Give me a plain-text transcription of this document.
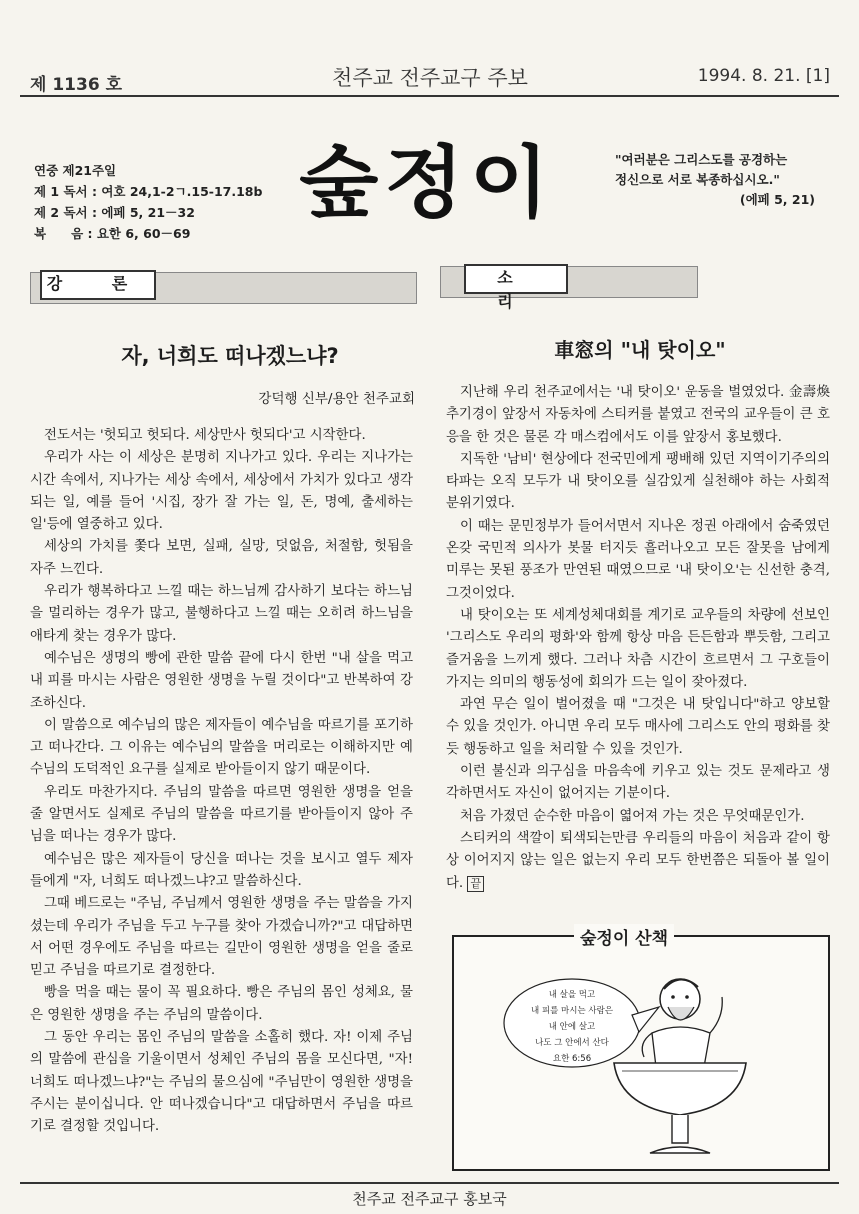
제 1136 호	천주교 전주교구 주보	1994. 8. 21. [1]
숲정이
연중 제21주일
제 1 독서 : 여호 24,1-2ㄱ.15-17.18b
제 2 독서 : 에페 5, 21－32
복　　음 : 요한 6, 60－69
"여러분은 그리스도를 공경하는
정신으로 서로 복종하십시오."
(에페 5, 21)
강 론	소 리
자, 너희도 떠나겠느냐?
강덕행 신부/용안 천주교회

전도서는 '헛되고 헛되다. 세상만사 헛되다'고 시작한다.

우리가 사는 이 세상은 분명히 지나가고 있다. 우리는 지나가는 시간 속에서, 지나가는 세상 속에서, 세상에서 가치가 있다고 생각되는 일, 예를 들어 '시집, 장가 잘 가는 일, 돈, 명예, 출세하는 일'등에 열중하고 있다.

세상의 가치를 쫓다 보면, 실패, 실망, 덧없음, 처절함, 헛됨을 자주 느낀다.

우리가 행복하다고 느낄 때는 하느님께 감사하기 보다는 하느님을 멀리하는 경우가 많고, 불행하다고 느낄 때는 오히려 하느님을 애타게 찾는 경우가 많다.

예수님은 생명의 빵에 관한 말씀 끝에 다시 한번 "내 살을 먹고 내 피를 마시는 사람은 영원한 생명을 누릴 것이다"고 반복하여 강조하신다.

이 말씀으로 예수님의 많은 제자들이 예수님을 따르기를 포기하고 떠나간다. 그 이유는 예수님의 말씀을 머리로는 이해하지만 예수님의 도덕적인 요구를 실제로 받아들이지 않기 때문이다.

우리도 마찬가지다. 주님의 말씀을 따르면 영원한 생명을 얻을 줄 알면서도 실제로 주님의 말씀을 따르기를 받아들이지 않아 주님을 떠나는 경우가 많다.

예수님은 많은 제자들이 당신을 떠나는 것을 보시고 열두 제자들에게 "자, 너희도 떠나겠느냐?고 말씀하신다.

그때 베드로는 "주님, 주님께서 영원한 생명을 주는 말씀을 가지셨는데 우리가 주님을 두고 누구를 찾아 가겠습니까?"고 대답하면서 어떤 경우에도 주님을 따르는 길만이 영원한 생명을 얻을 줄로 믿고 주님을 따르기로 결정한다.

빵을 먹을 때는 물이 꼭 필요하다. 빵은 주님의 몸인 성체요, 물은 영원한 생명을 주는 주님의 말씀이다.

그 동안 우리는 몸인 주님의 말씀을 소홀히 했다. 자! 이제 주님의 말씀에 관심을 기울이면서 성체인 주님의 몸을 모신다면, "자! 너희도 떠나겠느냐?"는 주님의 물으심에 "주님만이 영원한 생명을 주시는 분이십니다. 안 떠나겠습니다"고 대답하면서 주님을 따르기로 결정할 것입니다.

車窓의 "내 탓이오"

지난해 우리 천주교에서는 '내 탓이오' 운동을 벌였었다. 金壽煥 추기경이 앞장서 자동차에 스티커를 붙였고 전국의 교우들이 큰 호응을 한 것은 물론 각 매스컴에서도 이를 앞장서 홍보했다.

지독한 '남비' 현상에다 전국민에게 팽배해 있던 지역이기주의의 타파는 오직 모두가 내 탓이오를 실감있게 실천해야 하는 사회적 분위기였다.

이 때는 문민정부가 들어서면서 지나온 정권 아래에서 숨죽였던 온갖 국민적 의사가 봇물 터지듯 흘러나오고 모든 잘못을 남에게 미루는 못된 풍조가 만연된 때였으므로 '내 탓이오'는 신선한 충격, 그것이었다.

내 탓이오는 또 세계성체대회를 계기로 교우들의 차량에 선보인 '그리스도 우리의 평화'와 함께 항상 마음 든든함과 뿌듯함, 그리고 즐거움을 느끼게 했다. 그러나 차츰 시간이 흐르면서 그 구호들이 가지는 의미의 행동성에 회의가 드는 일이 잦아졌다.

과연 무슨 일이 벌어졌을 때 "그것은 내 탓입니다"하고 양보할 수 있을 것인가. 아니면 우리 모두 매사에 그리스도 안의 평화를 찾듯 행동하고 일을 처리할 수 있을 것인가.

이런 불신과 의구심을 마음속에 키우고 있는 것도 문제라고 생각하면서도 자신이 없어지는 기분이다.

처음 가졌던 순수한 마음이 엷어져 가는 것은 무엇때문인가.

스티커의 색깔이 퇴색되는만큼 우리들의 마음이 처음과 같이 항상 이어지지 않는 일은 없는지 우리 모두 한번쯤은 되돌아 볼 일이다. 끝

숲정이 산책
내 살을 먹고
내 피를 마시는 사람은
내 안에 살고
나도 그 안에서 산다
요한 6:56
천주교 전주교구 홍보국
